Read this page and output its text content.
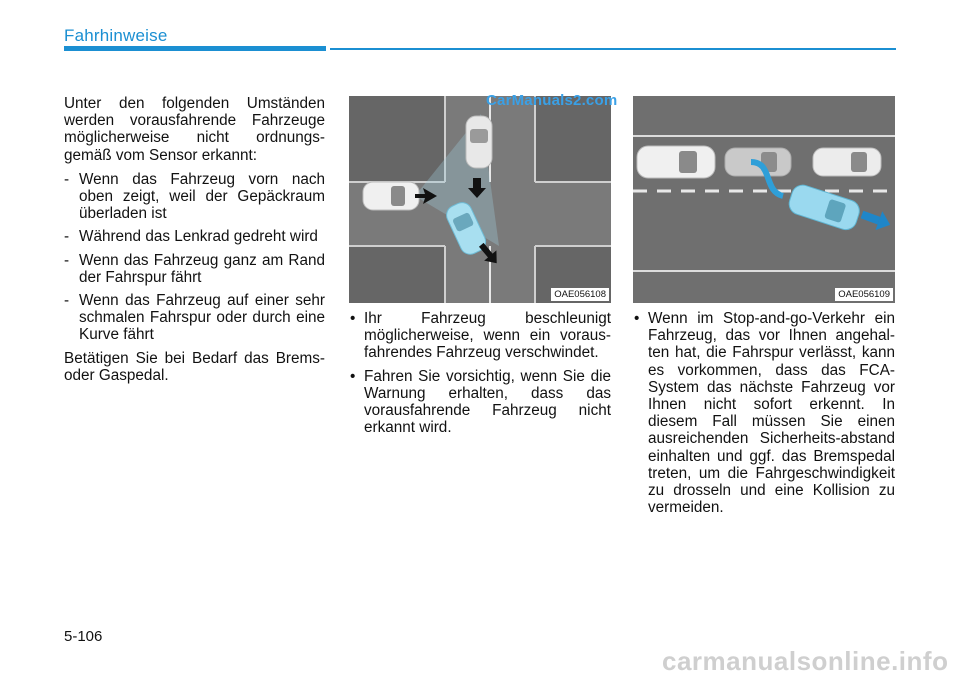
Fahrhinweise

Unter den folgenden Umständen werden vorausfahrende Fahrzeuge möglicherweise nicht ordnungs-gemäß vom Sensor erkannt:

- Wenn das Fahrzeug vorn nach oben zeigt, weil der Gepäckraum überladen ist
- Während das Lenkrad gedreht wird
- Wenn das Fahrzeug ganz am Rand der Fahrspur fährt
- Wenn das Fahrzeug auf einer sehr schmalen Fahrspur oder durch eine Kurve fährt

Betätigen Sie bei Bedarf das Brems- oder Gaspedal.

OAE056108	OAE056109
CarManuals2.com
• Ihr Fahrzeug beschleunigt möglicherweise, wenn ein voraus-fahrendes Fahrzeug verschwindet.
• Fahren Sie vorsichtig, wenn Sie die Warnung erhalten, dass das vorausfahrende Fahrzeug nicht erkannt wird.
• Wenn im Stop-and-go-Verkehr ein Fahrzeug, das vor Ihnen angehal-ten hat, die Fahrspur verlässt, kann es vorkommen, dass das FCA-System das nächste Fahrzeug vor Ihnen nicht sofort erkennt. In diesem Fall müssen Sie einen ausreichenden Sicherheits-abstand einhalten und ggf. das Bremspedal treten, um die Fahrgeschwindigkeit zu drosseln und eine Kollision zu vermeiden.
5-106
carmanualsonline.info
